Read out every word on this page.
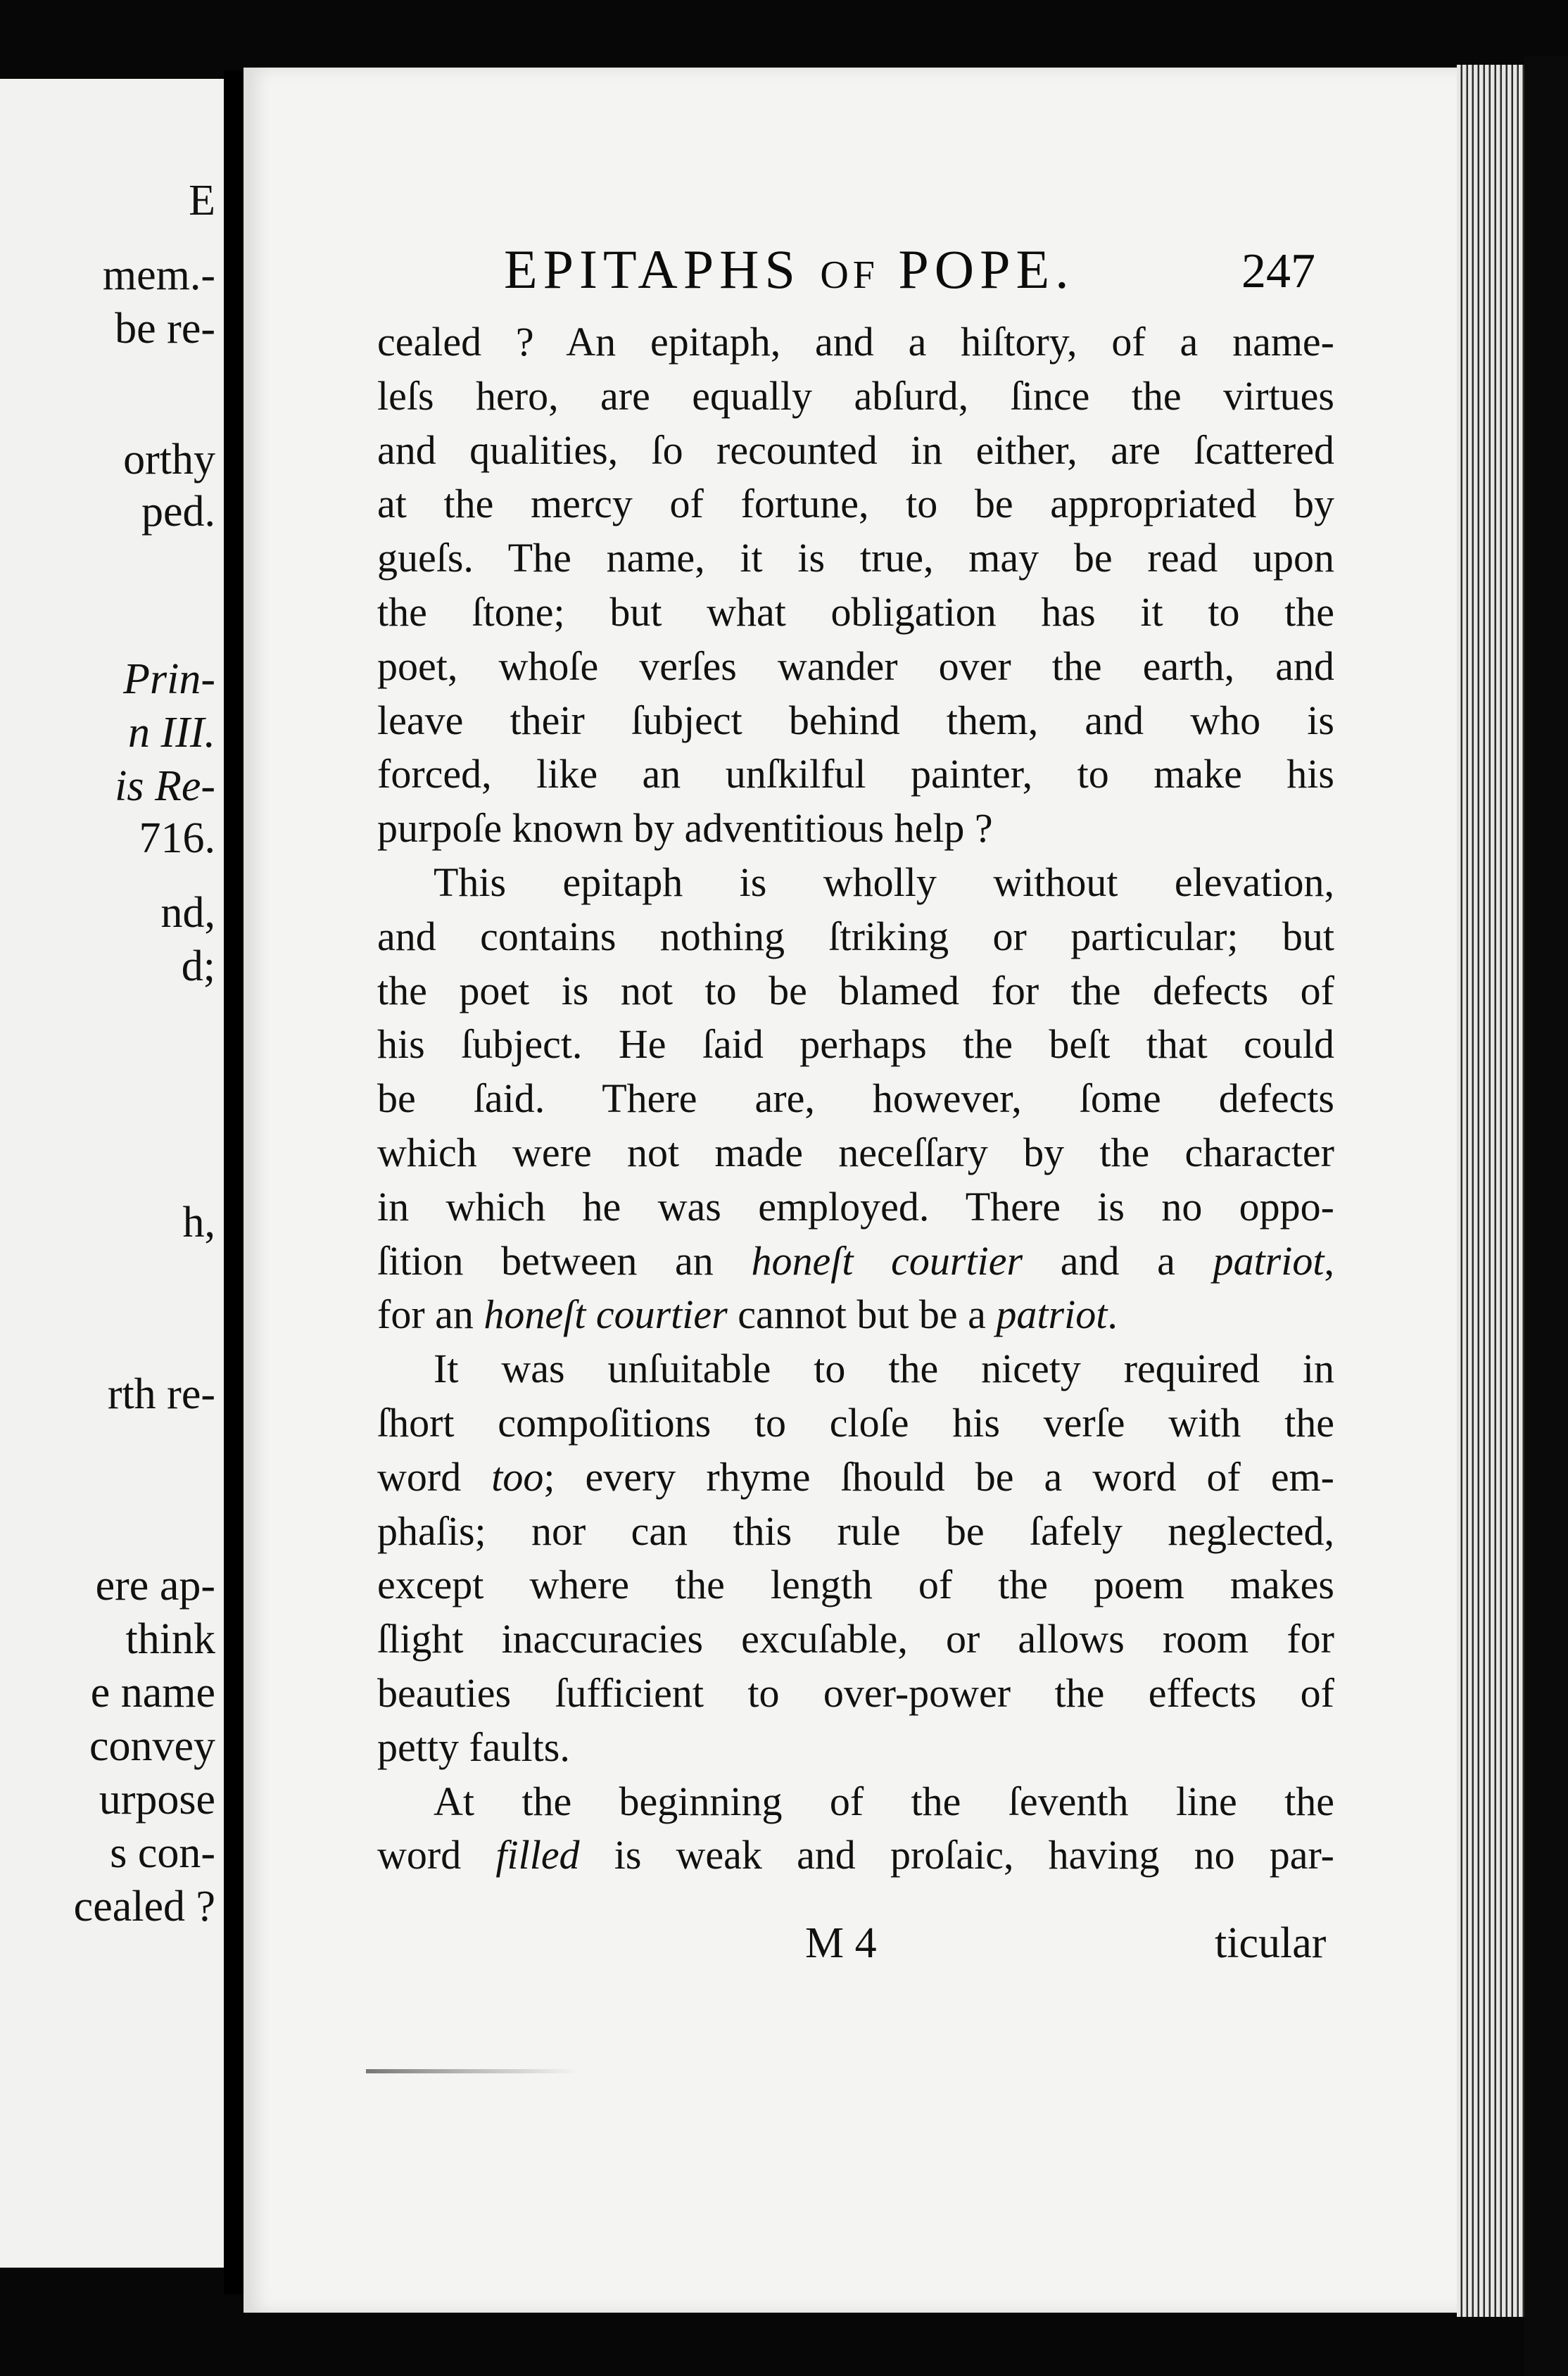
E
mem.-
be re-
orthy
ped.
Prin-
n III.
is Re-
716.
nd,
d;
h,
rth re-
ere ap-
think
e name
convey
urpose
s con-
cealed ?
EPITAPHS OF POPE.	247
cealed ? An epitaph, and a hiſtory, of a name-
leſs hero, are equally abſurd, ſince the virtues
and qualities, ſo recounted in either, are ſcattered
at the mercy of fortune, to be appropriated by
gueſs. The name, it is true, may be read upon
the ſtone; but what obligation has it to the
poet, whoſe verſes wander over the earth, and
leave their ſubject behind them, and who is
forced, like an unſkilful painter, to make his
purpoſe known by adventitious help ?
This epitaph is wholly without elevation,
and contains nothing ſtriking or particular; but
the poet is not to be blamed for the defects of
his ſubject. He ſaid perhaps the beſt that could
be ſaid. There are, however, ſome defects
which were not made neceſſary by the character
in which he was employed. There is no oppo-
ſition between an honeſt courtier and a patriot,
for an honeſt courtier cannot but be a patriot.
It was unſuitable to the nicety required in
ſhort compoſitions to cloſe his verſe with the
word too; every rhyme ſhould be a word of em-
phaſis; nor can this rule be ſafely neglected,
except where the length of the poem makes
ſlight inaccuracies excuſable, or allows room for
beauties ſufficient to over-power the effects of
petty faults.
At the beginning of the ſeventh line the
word filled is weak and proſaic, having no par-
M 4	ticular
